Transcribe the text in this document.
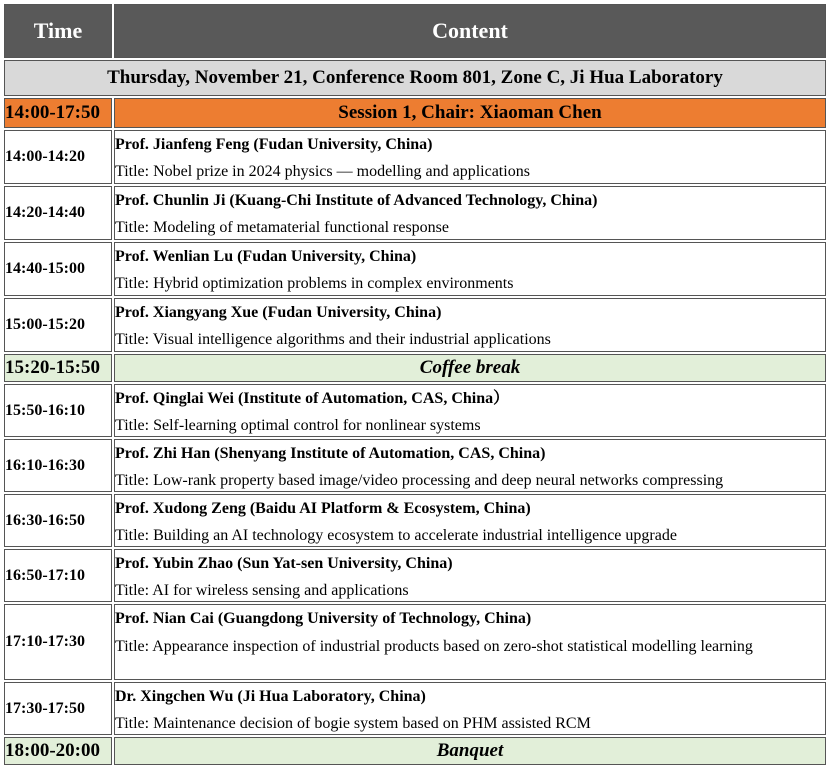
Time	Content
Thursday, November 21, Conference Room 801, Zone C, Ji Hua Laboratory	
14:00-17:50	Session 1, Chair: Xiaoman Chen
14:00-14:20	Prof. Jianfeng Feng (Fudan University, China)
Title: Nobel prize in 2024 physics — modelling and applications

14:20-14:40	Prof. Chunlin Ji (Kuang-Chi Institute of Advanced Technology, China)
Title: Modeling of metamaterial functional response

14:40-15:00	Prof. Wenlian Lu (Fudan University, China)
Title: Hybrid optimization problems in complex environments

15:00-15:20	Prof. Xiangyang Xue (Fudan University, China)
Title: Visual intelligence algorithms and their industrial applications

15:20-15:50	Coffee break
15:50-16:10	Prof. Qinglai Wei (Institute of Automation, CAS, China）
Title: Self-learning optimal control for nonlinear systems

16:10-16:30	Prof. Zhi Han (Shenyang Institute of Automation, CAS, China)
Title: Low-rank property based image/video processing and deep neural networks compressing

16:30-16:50	Prof. Xudong Zeng (Baidu AI Platform & Ecosystem, China)
Title: Building an AI technology ecosystem to accelerate industrial intelligence upgrade

16:50-17:10	Prof. Yubin Zhao (Sun Yat-sen University, China)
Title: AI for wireless sensing and applications

17:10-17:30	Prof. Nian Cai (Guangdong University of Technology, China)
Title: Appearance inspection of industrial products based on zero-shot statistical modelling learning

17:30-17:50	Dr. Xingchen Wu (Ji Hua Laboratory, China)
Title: Maintenance decision of bogie system based on PHM assisted RCM

18:00-20:00	Banquet
